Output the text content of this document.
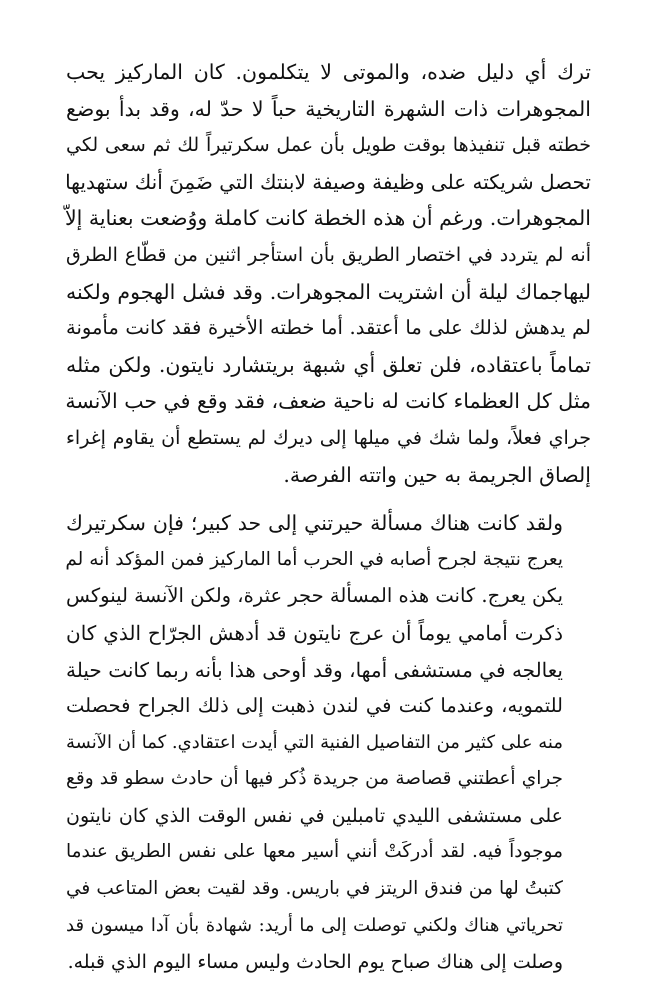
ترك أي دليل ضده، والموتى لا يتكلمون. كان الماركيز يحب
المجوهرات ذات الشهرة التاريخية حباً لا حدّ له، وقد بدأ بوضع
خطته قبل تنفيذها بوقت طويل بأن عمل سكرتيراً لك ثم سعى لكي
تحصل شريكته على وظيفة وصيفة لابنتك التي ضَمِنَ أنك ستهديها
المجوهرات. ورغم أن هذه الخطة كانت كاملة ووُضعت بعناية إلاّ
أنه لم يتردد في اختصار الطريق بأن استأجر اثنين من قطّاع الطرق
ليهاجماك ليلة أن اشتريت المجوهرات. وقد فشل الهجوم ولكنه
لم يدهش لذلك على ما أعتقد. أما خطته الأخيرة فقد كانت مأمونة
تماماً باعتقاده، فلن تعلق أي شبهة بريتشارد نايتون. ولكن مثله
مثل كل العظماء كانت له ناحية ضعف، فقد وقع في حب الآنسة
جراي فعلاً، ولما شك في ميلها إلى ديرك لم يستطع أن يقاوم إغراء
إلصاق الجريمة به حين واتته الفرصة.

ولقد كانت هناك مسألة حيرتني إلى حد كبير؛ فإن سكرتيرك
يعرج نتيجة لجرح أصابه في الحرب أما الماركيز فمن المؤكد أنه لم
يكن يعرج. كانت هذه المسألة حجر عثرة، ولكن الآنسة لينوكس
ذكرت أمامي يوماً أن عرج نايتون قد أدهش الجرّاح الذي كان
يعالجه في مستشفى أمها، وقد أوحى هذا بأنه ربما كانت حيلة
للتمويه، وعندما كنت في لندن ذهبت إلى ذلك الجراح فحصلت
منه على كثير من التفاصيل الفنية التي أيدت اعتقادي. كما أن الآنسة
جراي أعطتني قصاصة من جريدة ذُكر فيها أن حادث سطو قد وقع
على مستشفى الليدي تامبلين في نفس الوقت الذي كان نايتون
موجوداً فيه. لقد أدركَتْ أنني أسير معها على نفس الطريق عندما
كتبتُ لها من فندق الريتز في باريس. وقد لقيت بعض المتاعب في
تحرياتي هناك ولكني توصلت إلى ما أريد: شهادة بأن آدا ميسون قد
وصلت إلى هناك صباح يوم الحادث وليس مساء اليوم الذي قبله.
